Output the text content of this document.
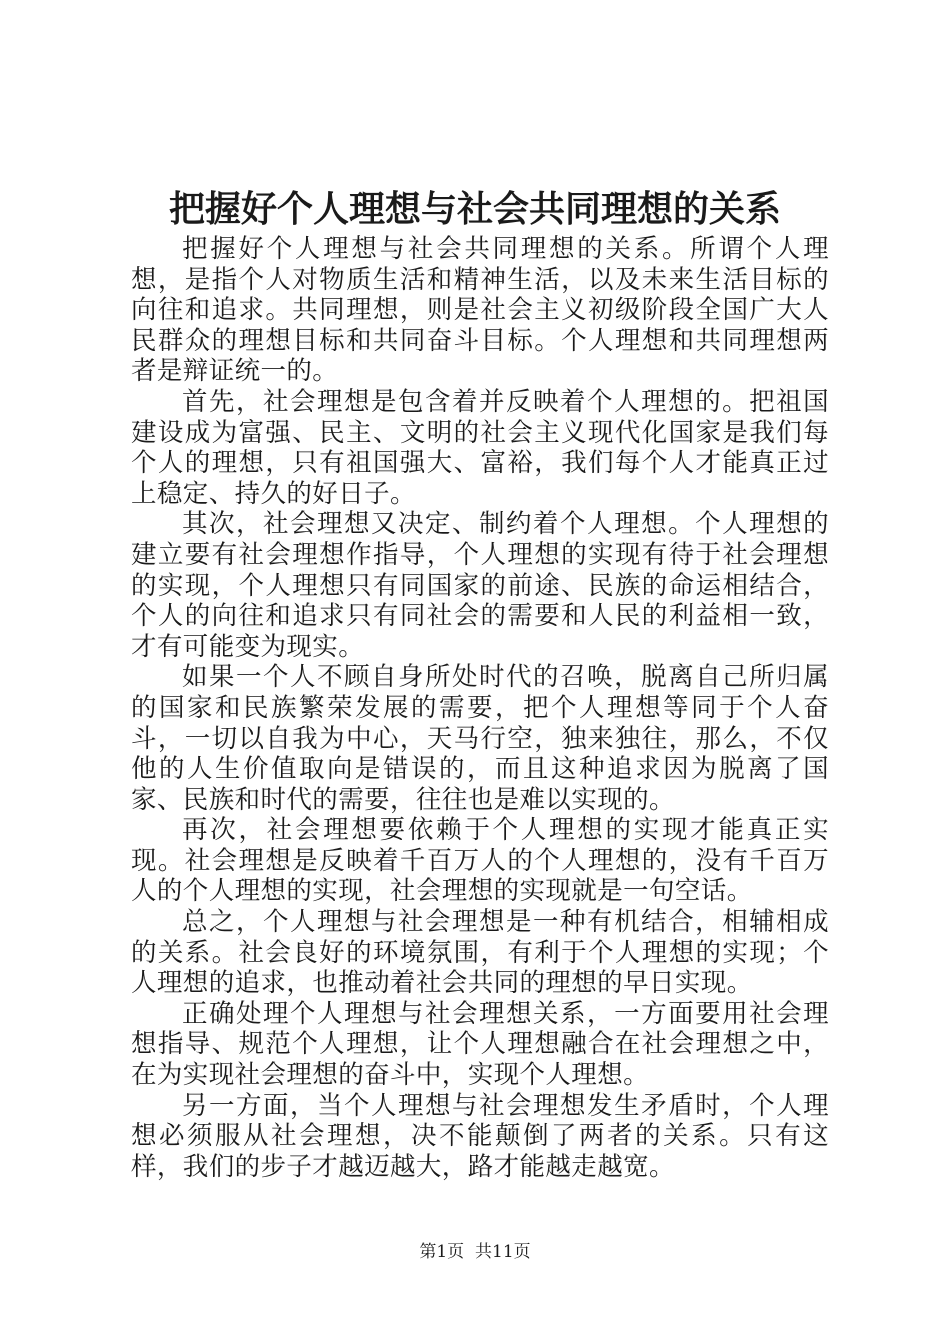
把握好个人理想与社会共同理想的关系

把握好个人理想与社会共同理想的关系。所谓个人理想，是指个人对物质生活和精神生活，以及未来生活目标的向往和追求。共同理想，则是社会主义初级阶段全国广大人民群众的理想目标和共同奋斗目标。个人理想和共同理想两者是辩证统一的。

首先，社会理想是包含着并反映着个人理想的。把祖国建设成为富强、民主、文明的社会主义现代化国家是我们每个人的理想，只有祖国强大、富裕，我们每个人才能真正过上稳定、持久的好日子。

其次，社会理想又决定、制约着个人理想。个人理想的建立要有社会理想作指导，个人理想的实现有待于社会理想的实现，个人理想只有同国家的前途、民族的命运相结合，个人的向往和追求只有同社会的需要和人民的利益相一致，才有可能变为现实。

如果一个人不顾自身所处时代的召唤，脱离自己所归属的国家和民族繁荣发展的需要，把个人理想等同于个人奋斗，一切以自我为中心，天马行空，独来独往，那么，不仅他的人生价值取向是错误的，而且这种追求因为脱离了国家、民族和时代的需要，往往也是难以实现的。

再次，社会理想要依赖于个人理想的实现才能真正实现。社会理想是反映着千百万人的个人理想的，没有千百万人的个人理想的实现，社会理想的实现就是一句空话。

总之，个人理想与社会理想是一种有机结合，相辅相成的关系。社会良好的环境氛围，有利于个人理想的实现；个人理想的追求，也推动着社会共同的理想的早日实现。

正确处理个人理想与社会理想关系，一方面要用社会理想指导、规范个人理想，让个人理想融合在社会理想之中，在为实现社会理想的奋斗中，实现个人理想。

另一方面，当个人理想与社会理想发生矛盾时，个人理想必须服从社会理想，决不能颠倒了两者的关系。只有这样，我们的步子才越迈越大，路才能越走越宽。

第1页 共11页
